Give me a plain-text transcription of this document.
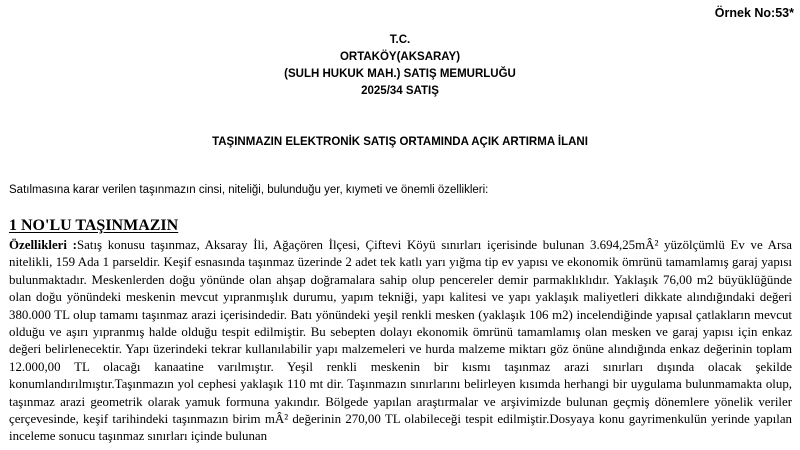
Örnek No:53*
T.C.
ORTAKÖY(AKSARAY)
(SULH HUKUK MAH.) SATIŞ MEMURLUĞU
2025/34 SATIŞ
TAŞINMAZIN ELEKTRONİK SATIŞ ORTAMINDA AÇIK ARTIRMA İLANI
Satılmasına karar verilen taşınmazın cinsi, niteliği, bulunduğu yer, kıymeti ve önemli özellikleri:
1 NO'LU TAŞINMAZIN

Özellikleri :Satış konusu taşınmaz, Aksaray İli, Ağaçören İlçesi, Çiftevi Köyü sınırları içerisinde bulunan 3.694,25mÂ² yüzölçümlü Ev ve Arsa nitelikli, 159 Ada 1 parseldir. Keşif esnasında taşınmaz üzerinde 2 adet tek katlı yarı yığma tip ev yapısı ve ekonomik ömrünü tamamlamış garaj yapısı bulunmaktadır. Meskenlerden doğu yönünde olan ahşap doğramalara sahip olup pencereler demir parmaklıklıdır. Yaklaşık 76,00 m2 büyüklüğünde olan doğu yönündeki meskenin mevcut yıpranmışlık durumu, yapım tekniği, yapı kalitesi ve yapı yaklaşık maliyetleri dikkate alındığındaki değeri 380.000 TL olup tamamı taşınmaz arazi içerisindedir. Batı yönündeki yeşil renkli mesken (yaklaşık 106 m2) incelendiğinde yapısal çatlakların mevcut olduğu ve aşırı yıpranmış halde olduğu tespit edilmiştir. Bu sebepten dolayı ekonomik ömrünü tamamlamış olan mesken ve garaj yapısı için enkaz değeri belirlenecektir. Yapı üzerindeki tekrar kullanılabilir yapı malzemeleri ve hurda malzeme miktarı göz önüne alındığında enkaz değerinin toplam 12.000,00 TL olacağı kanaatine varılmıştır. Yeşil renkli meskenin bir kısmı taşınmaz arazi sınırları dışında olacak şekilde konumlandırılmıştır.Taşınmazın yol cephesi yaklaşık 110 mt dir. Taşınmazın sınırlarını belirleyen kısımda herhangi bir uygulama bulunmamakta olup, taşınmaz arazi geometrik olarak yamuk formuna yakındır. Bölgede yapılan araştırmalar ve arşivimizde bulunan geçmiş dönemlere yönelik veriler çerçevesinde, keşif tarihindeki taşınmazın birim mÂ² değerinin 270,00 TL olabileceği tespit edilmiştir.Dosyaya konu gayrimenkulün yerinde yapılan inceleme sonucu taşınmaz sınırları içinde bulunan
